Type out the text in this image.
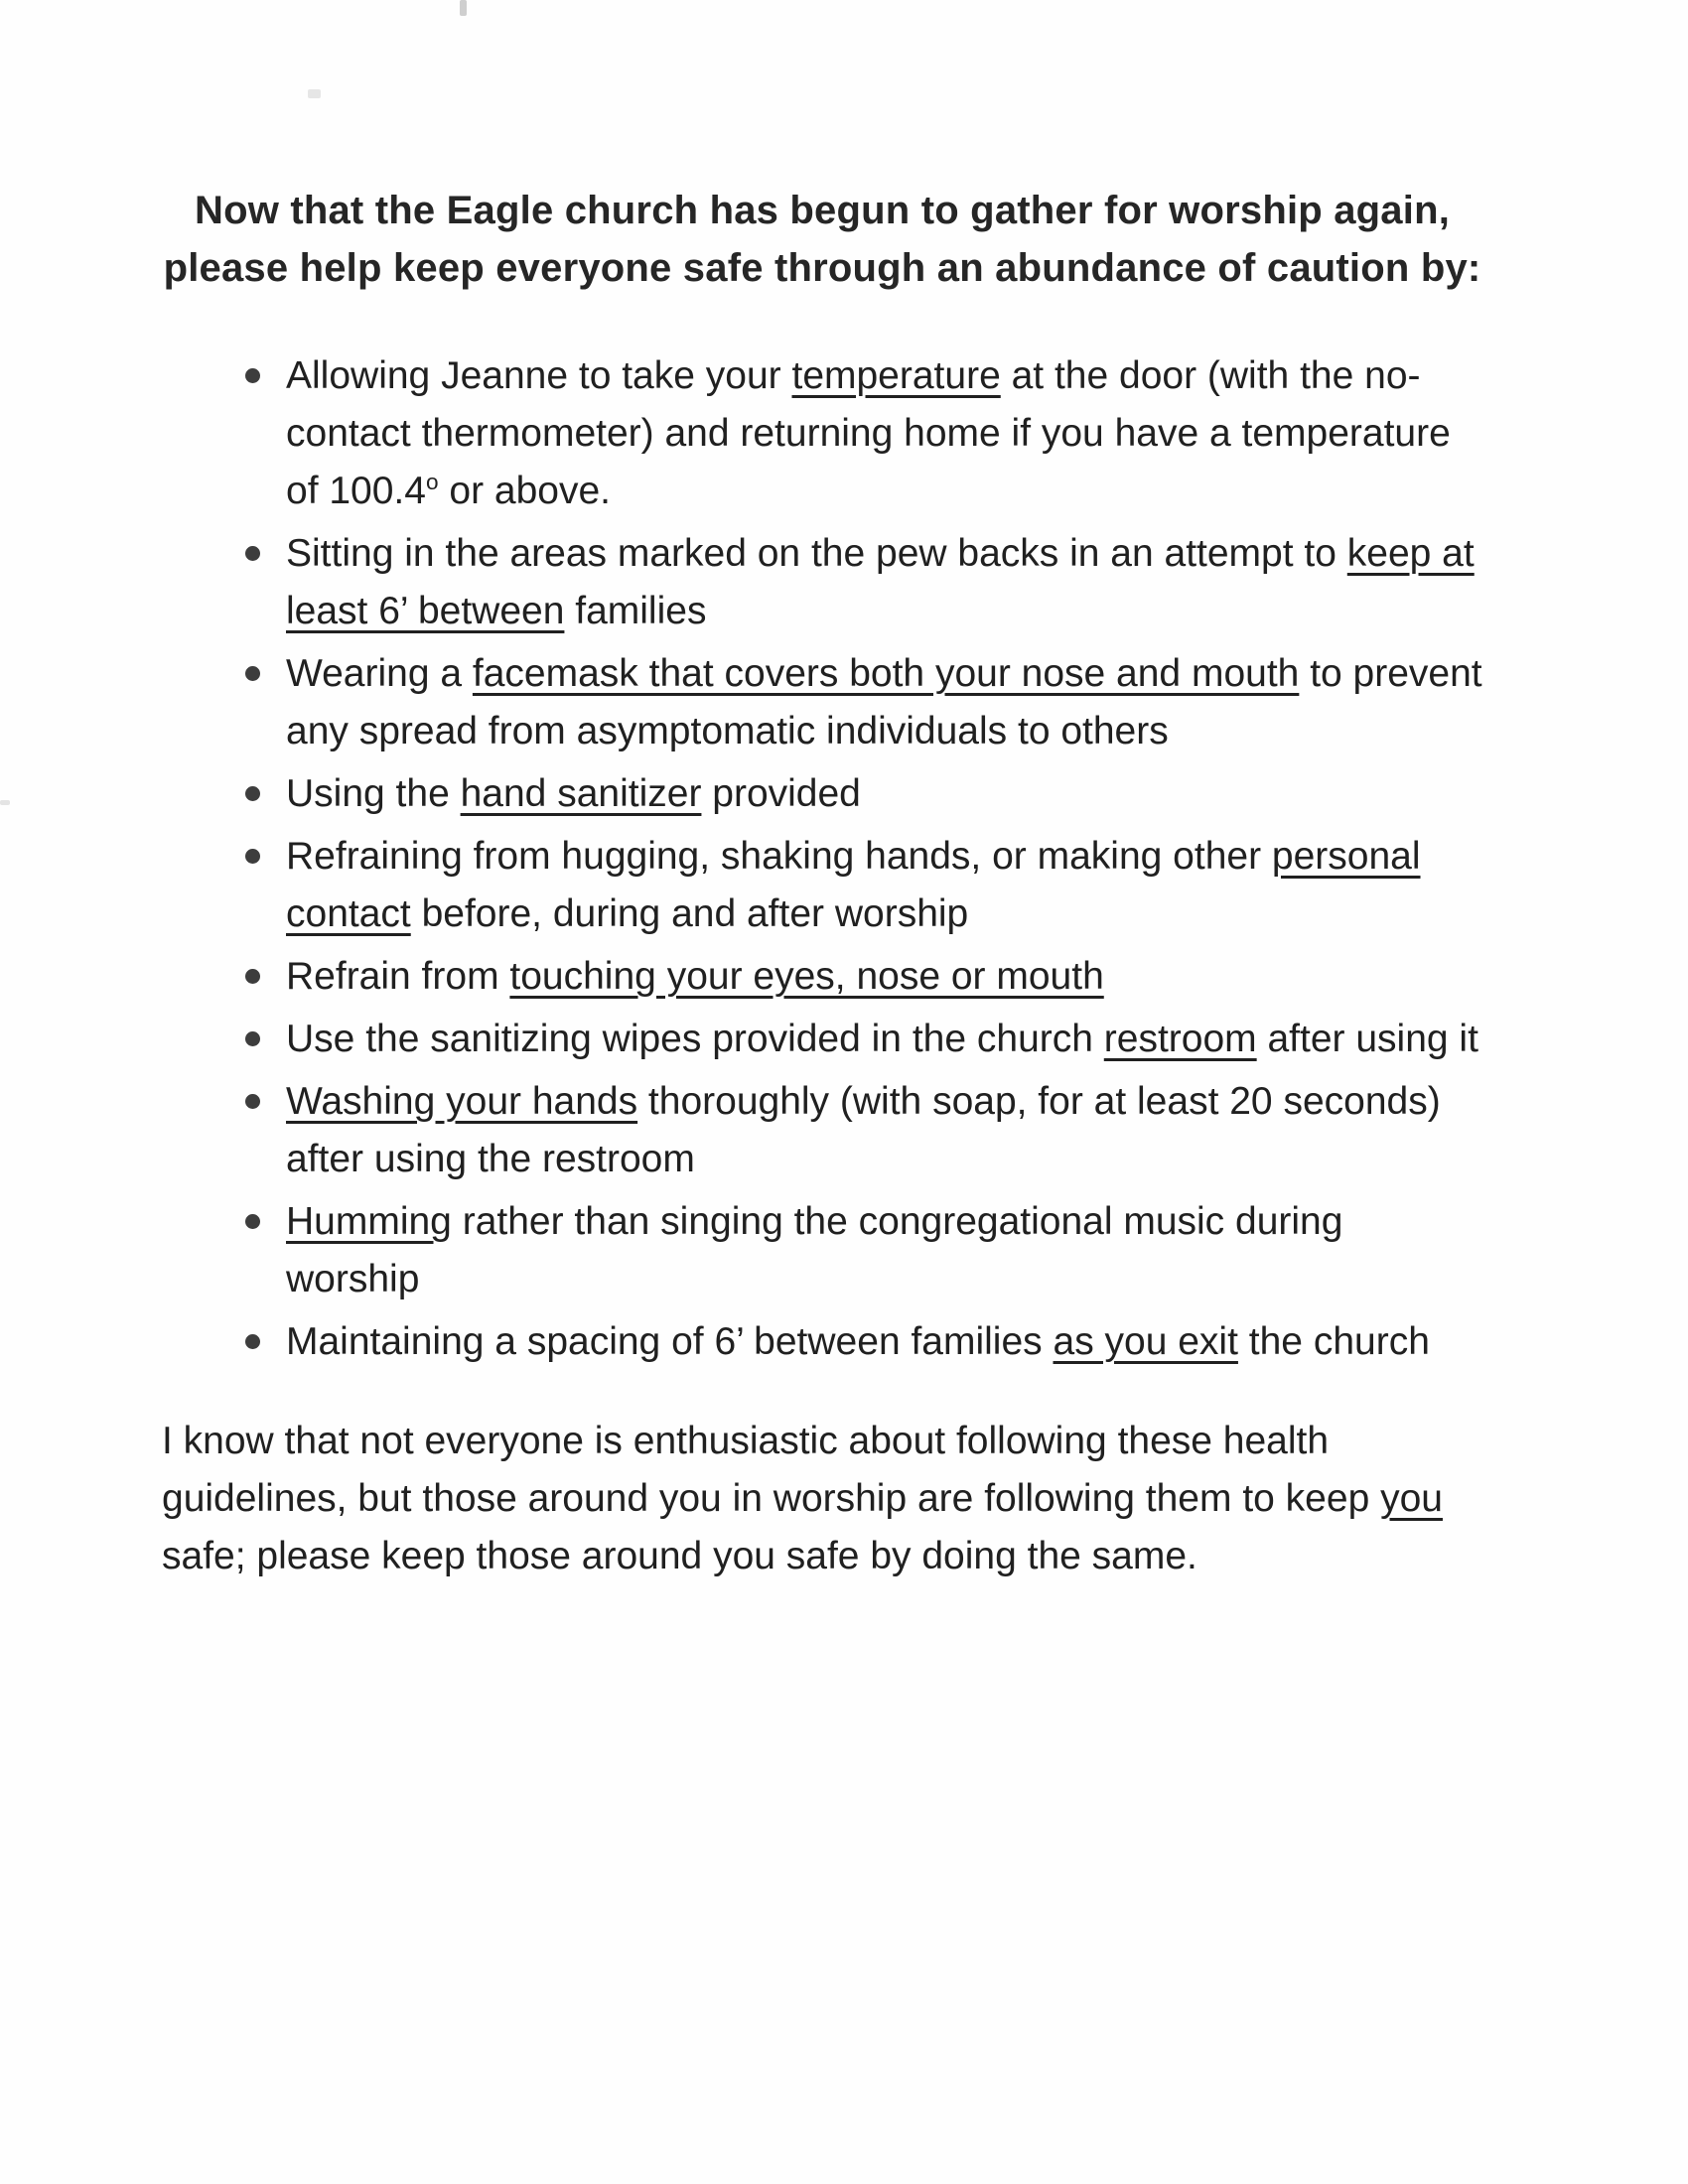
Now that the Eagle church has begun to gather for worship again, please help keep everyone safe through an abundance of caution by:
Allowing Jeanne to take your temperature at the door (with the no-contact thermometer) and returning home if you have a temperature of 100.4$^o$ or above.
Sitting in the areas marked on the pew backs in an attempt to keep at least 6’ between families
Wearing a facemask that covers both your nose and mouth to prevent any spread from asymptomatic individuals to others
Using the hand sanitizer provided
Refraining from hugging, shaking hands, or making other personal contact before, during and after worship
Refrain from touching your eyes, nose or mouth
Use the sanitizing wipes provided in the church restroom after using it
Washing your hands thoroughly (with soap, for at least 20 seconds) after using the restroom
Humming rather than singing the congregational music during worship
Maintaining a spacing of 6’ between families as you exit the church

I know that not everyone is enthusiastic about following these health guidelines, but those around you in worship are following them to keep you safe; please keep those around you safe by doing the same.
